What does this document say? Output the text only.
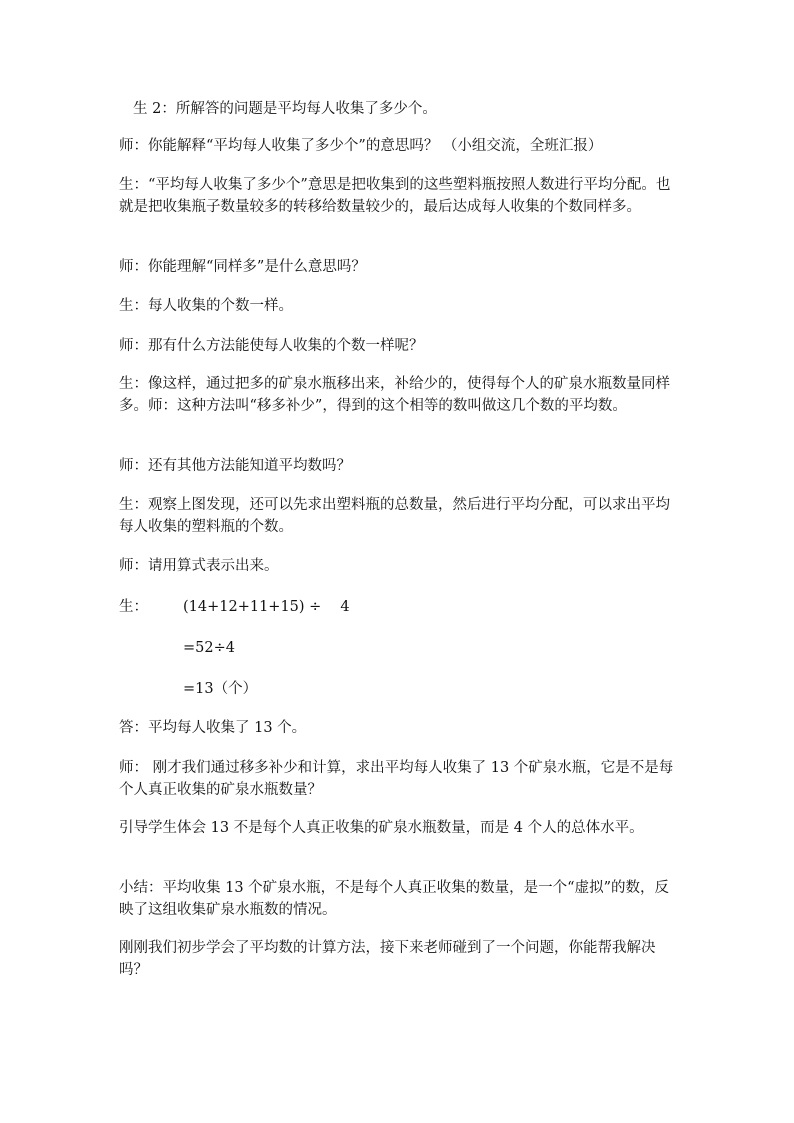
生 2：所解答的问题是平均每人收集了多少个。

师：你能解释“平均每人收集了多少个”的意思吗？ （小组交流，全班汇报）

生：“平均每人收集了多少个”意思是把收集到的这些塑料瓶按照人数进行平均分配。也就是把收集瓶子数量较多的转移给数量较少的，最后达成每人收集的个数同样多。

师：你能理解“同样多”是什么意思吗？

生：每人收集的个数一样。

师：那有什么方法能使每人收集的个数一样呢？

生：像这样，通过把多的矿泉水瓶移出来，补给少的，使得每个人的矿泉水瓶数量同样多。师：这种方法叫“移多补少”，得到的这个相等的数叫做这几个数的平均数。

师：还有其他方法能知道平均数吗？

生：观察上图发现，还可以先求出塑料瓶的总数量，然后进行平均分配，可以求出平均每人收集的塑料瓶的个数。

师：请用算式表示出来。

生： (14+12+11+15) ÷　 4

=52÷4

=13（个）

答：平均每人收集了 13 个。

师： 刚才我们通过移多补少和计算，求出平均每人收集了 13 个矿泉水瓶，它是不是每个人真正收集的矿泉水瓶数量？

引导学生体会 13 不是每个人真正收集的矿泉水瓶数量，而是 4 个人的总体水平。

小结：平均收集 13 个矿泉水瓶，不是每个人真正收集的数量，是一个“虚拟”的数，反映了这组收集矿泉水瓶数的情况。

刚刚我们初步学会了平均数的计算方法，接下来老师碰到了一个问题，你能帮我解决吗？
